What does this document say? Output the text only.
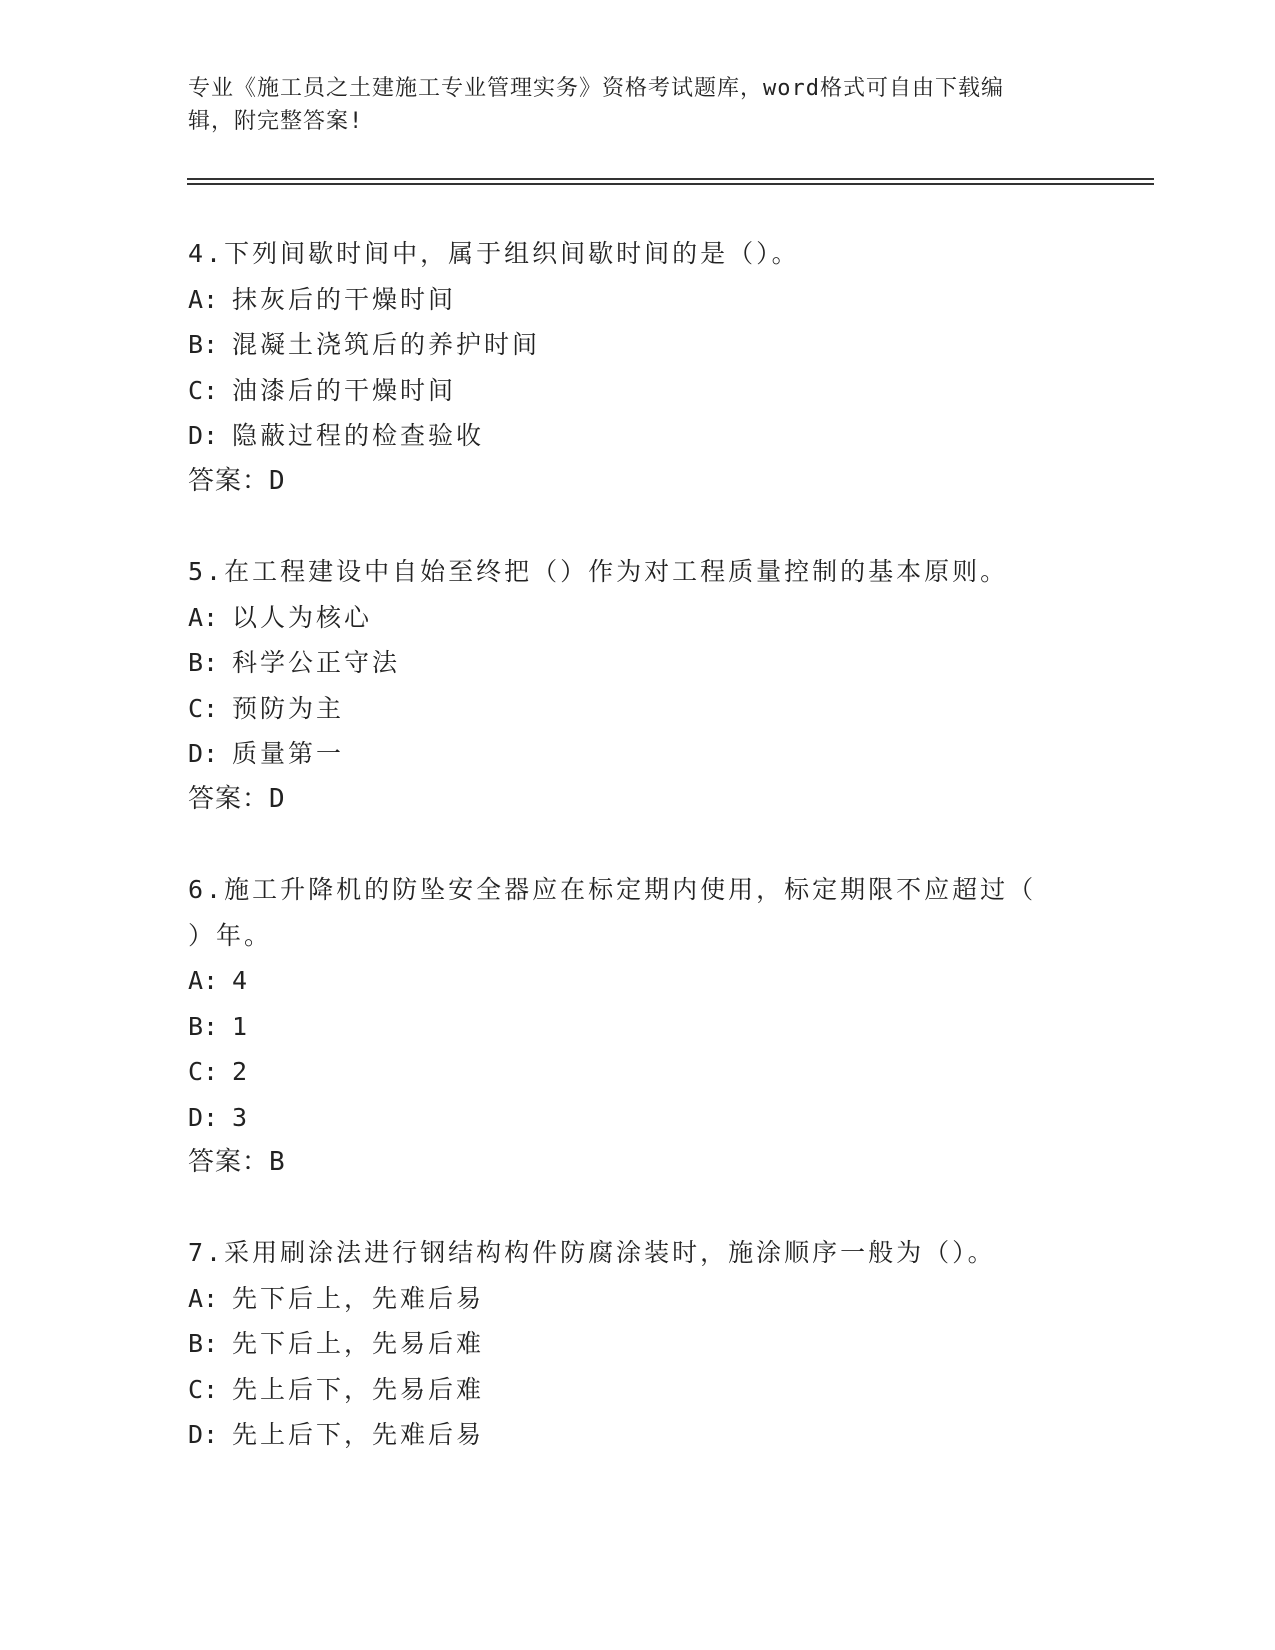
专业《施工员之土建施工专业管理实务》资格考试题库，word格式可自由下载编
辑，附完整答案!
4.下列间歇时间中，属于组织间歇时间的是（）。
A: 抹灰后的干燥时间
B: 混凝土浇筑后的养护时间
C: 油漆后的干燥时间
D: 隐蔽过程的检查验收
答案：D
5.在工程建设中自始至终把（）作为对工程质量控制的基本原则。
A: 以人为核心
B: 科学公正守法
C: 预防为主
D: 质量第一
答案：D
6.施工升降机的防坠安全器应在标定期内使用，标定期限不应超过（
）年。
A: 4
B: 1
C: 2
D: 3
答案：B
7.采用刷涂法进行钢结构构件防腐涂装时，施涂顺序一般为（）。
A: 先下后上，先难后易
B: 先下后上，先易后难
C: 先上后下，先易后难
D: 先上后下，先难后易
